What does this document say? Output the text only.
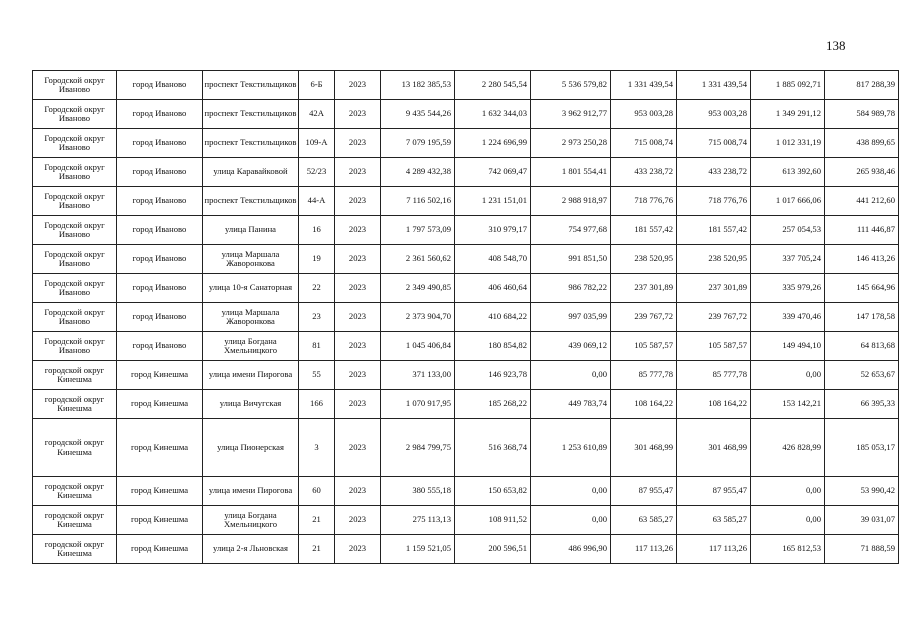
138
Городской округ Иваново	город Иваново	проспект Текстильщиков	6-Б	2023	13 182 385,53	2 280 545,54	5 536 579,82	1 331 439,54	1 331 439,54	1 885 092,71	817 288,39
Городской округ Иваново	город Иваново	проспект Текстильщиков	42А	2023	9 435 544,26	1 632 344,03	3 962 912,77	953 003,28	953 003,28	1 349 291,12	584 989,78
Городской округ Иваново	город Иваново	проспект Текстильщиков	109-А	2023	7 079 195,59	1 224 696,99	2 973 250,28	715 008,74	715 008,74	1 012 331,19	438 899,65
Городской округ Иваново	город Иваново	улица Каравайковой	52/23	2023	4 289 432,38	742 069,47	1 801 554,41	433 238,72	433 238,72	613 392,60	265 938,46
Городской округ Иваново	город Иваново	проспект Текстильщиков	44-А	2023	7 116 502,16	1 231 151,01	2 988 918,97	718 776,76	718 776,76	1 017 666,06	441 212,60
Городской округ Иваново	город Иваново	улица Панина	16	2023	1 797 573,09	310 979,17	754 977,68	181 557,42	181 557,42	257 054,53	111 446,87
Городской округ Иваново	город Иваново	улица Маршала Жаворонкова	19	2023	2 361 560,62	408 548,70	991 851,50	238 520,95	238 520,95	337 705,24	146 413,26
Городской округ Иваново	город Иваново	улица 10-я Санаторная	22	2023	2 349 490,85	406 460,64	986 782,22	237 301,89	237 301,89	335 979,26	145 664,96
Городской округ Иваново	город Иваново	улица Маршала Жаворонкова	23	2023	2 373 904,70	410 684,22	997 035,99	239 767,72	239 767,72	339 470,46	147 178,58
Городской округ Иваново	город Иваново	улица Богдана Хмельницкого	81	2023	1 045 406,84	180 854,82	439 069,12	105 587,57	105 587,57	149 494,10	64 813,68
городской округ Кинешма	город Кинешма	улица имени Пирогова	55	2023	371 133,00	146 923,78	0,00	85 777,78	85 777,78	0,00	52 653,67
городской округ Кинешма	город Кинешма	улица Вичугская	166	2023	1 070 917,95	185 268,22	449 783,74	108 164,22	108 164,22	153 142,21	66 395,33
городской округ Кинешма	город Кинешма	улица Пионерская	3	2023	2 984 799,75	516 368,74	1 253 610,89	301 468,99	301 468,99	426 828,99	185 053,17
городской округ Кинешма	город Кинешма	улица имени Пирогова	60	2023	380 555,18	150 653,82	0,00	87 955,47	87 955,47	0,00	53 990,42
городской округ Кинешма	город Кинешма	улица Богдана Хмельницкого	21	2023	275 113,13	108 911,52	0,00	63 585,27	63 585,27	0,00	39 031,07
городской округ Кинешма	город Кинешма	улица 2-я Льновская	21	2023	1 159 521,05	200 596,51	486 996,90	117 113,26	117 113,26	165 812,53	71 888,59
